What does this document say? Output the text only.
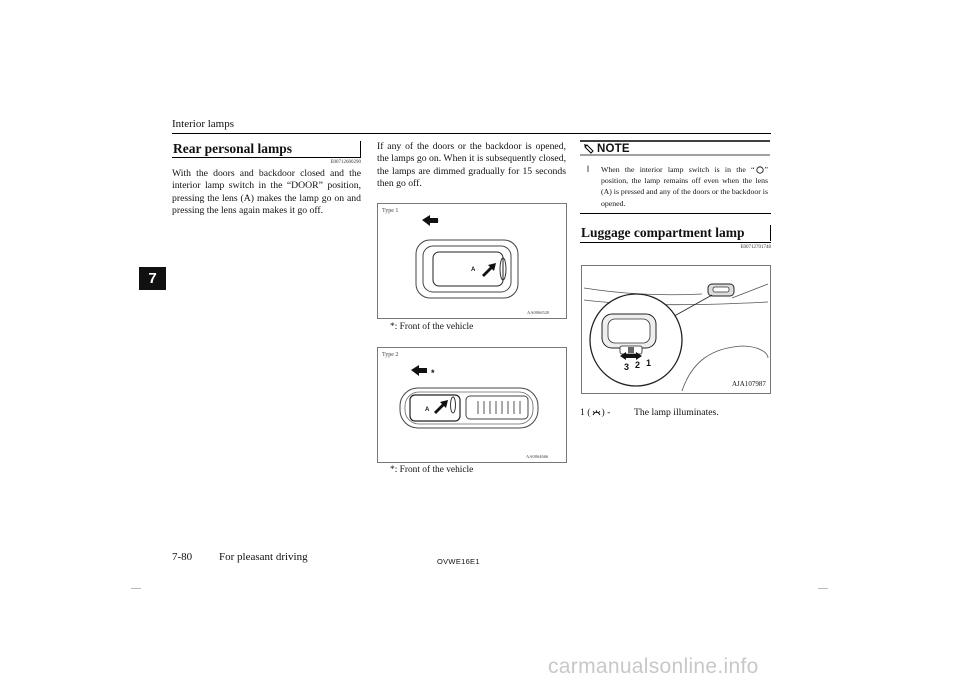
Interior lamps
7
Rear personal lamps
E00712600290
With the doors and backdoor closed and the interior lamp switch in the “DOOR” position, pressing the lens (A) makes the lamp go on and pressing the lens again makes it go off.
If any of the doors or the backdoor is opened, the lamps go on. When it is subsequently closed, the lamps are dimmed gradually for 15 seconds then go off.
Type 1
*
A
AA0066520
*: Front of the vehicle
Type 2
*
A
AA0064666
*: Front of the vehicle
NOTE
l When the interior lamp switch is in the “ ” position, the lamp remains off even when the lens (A) is pressed and any of the doors or the backdoor is opened.
Luggage compartment lamp
E00712701748
3 2 1
AJA107987
1 ( ) - The lamp illuminates.
7-80 For pleasant driving	OVWE16E1
carmanualsonline.info
